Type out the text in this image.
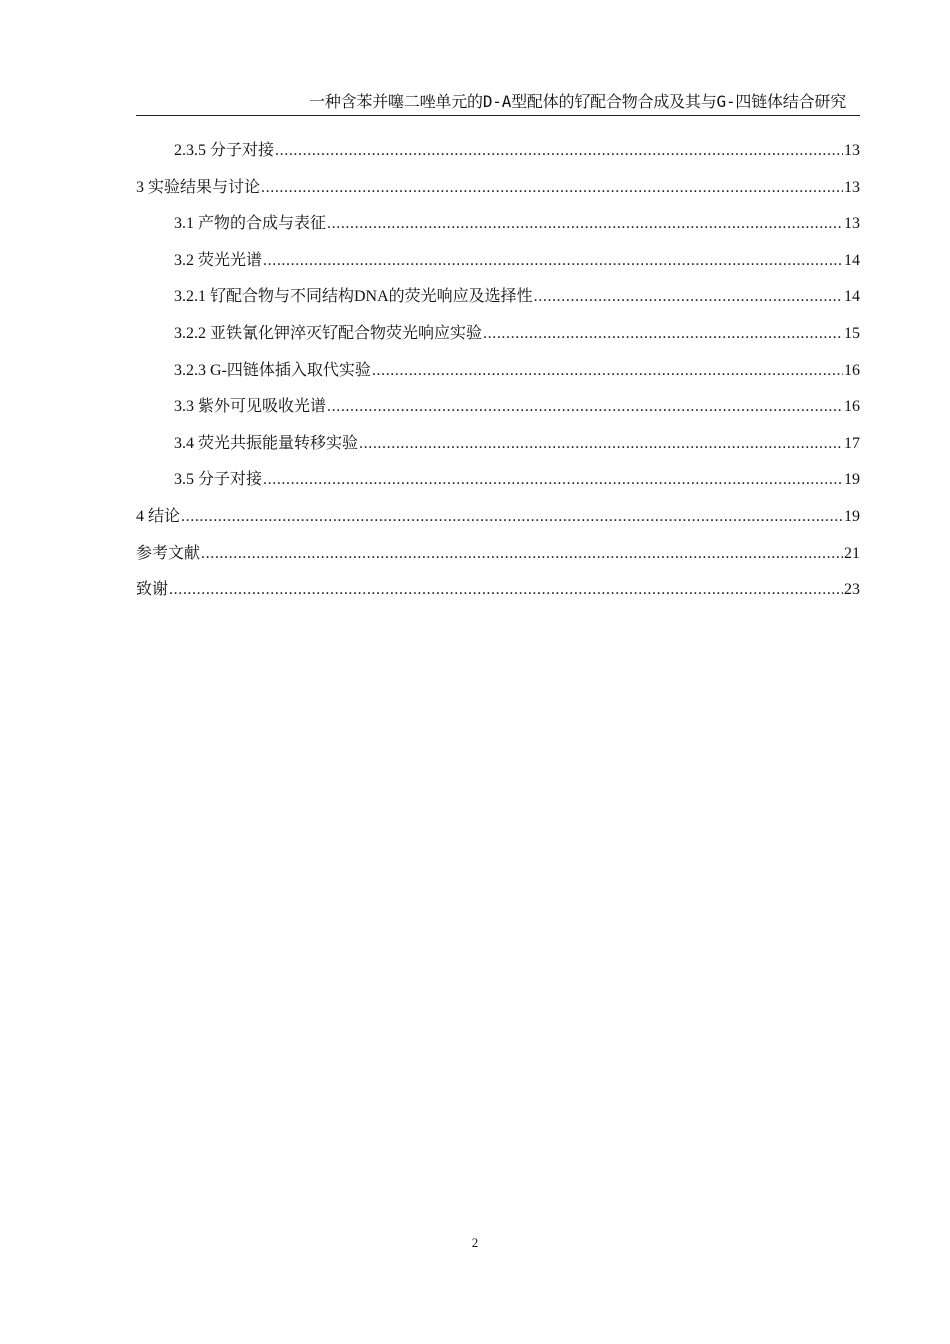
一种含苯并噻二唑单元的D-A型配体的钌配合物合成及其与G-四链体结合研究
2.3.5 分子对接 .....	13
3 实验结果与讨论 .....	13
3.1 产物的合成与表征 .....	13
3.2 荧光光谱 .....	14
3.2.1 钌配合物与不同结构DNA的荧光响应及选择性 .....	14
3.2.2 亚铁氰化钾淬灭钌配合物荧光响应实验 .....	15
3.2.3 G-四链体插入取代实验 .....	16
3.3 紫外可见吸收光谱 .....	16
3.4 荧光共振能量转移实验 .....	17
3.5 分子对接 .....	19
4 结论 .....	19
参考文献 .....	21
致谢 .....	23
2
